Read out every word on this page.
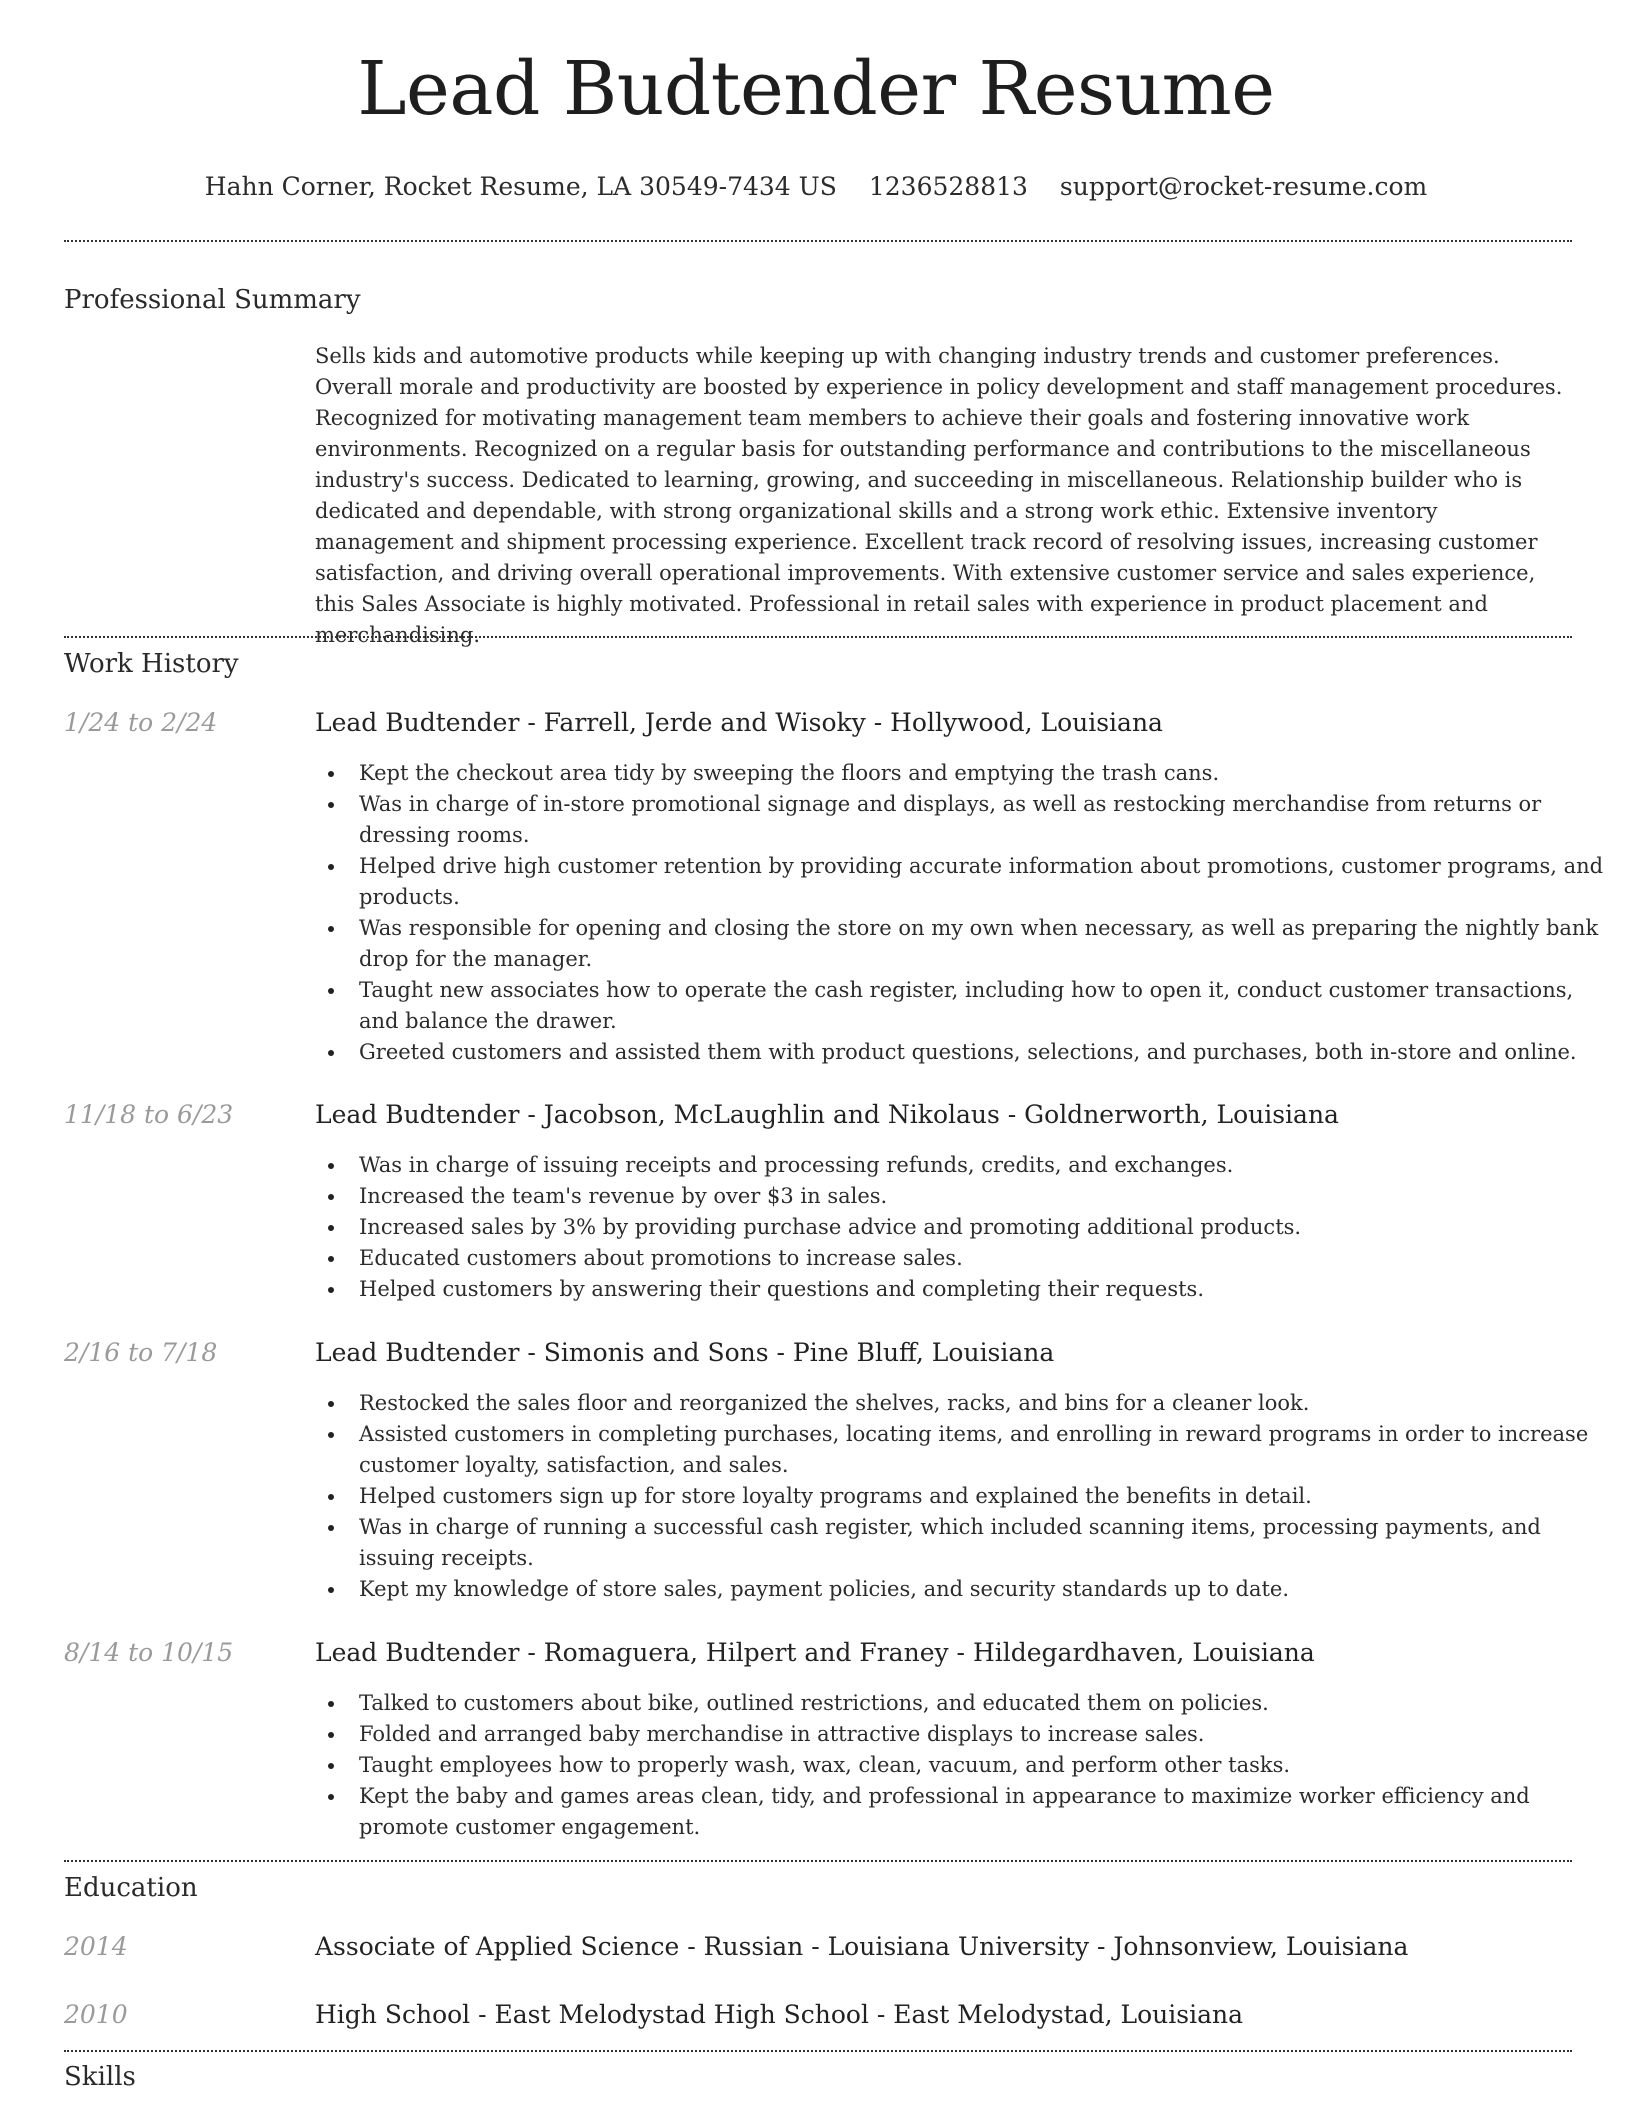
Lead Budtender Resume
Hahn Corner, Rocket Resume, LA 30549-7434 US 1236528813 support@rocket-resume.com
Professional Summary

Sells kids and automotive products while keeping up with changing industry trends and customer preferences. Overall morale and productivity are boosted by experience in policy development and staff management procedures. Recognized for motivating management team members to achieve their goals and fostering innovative work environments. Recognized on a regular basis for outstanding performance and contributions to the miscellaneous industry's success. Dedicated to learning, growing, and succeeding in miscellaneous. Relationship builder who is dedicated and dependable, with strong organizational skills and a strong work ethic. Extensive inventory management and shipment processing experience. Excellent track record of resolving issues, increasing customer satisfaction, and driving overall operational improvements. With extensive customer service and sales experience, this Sales Associate is highly motivated. Professional in retail sales with experience in product placement and merchandising.

Work History
1/24 to 2/24	Lead Budtender - Farrell, Jerde and Wisoky - Hollywood, Louisiana
Kept the checkout area tidy by sweeping the floors and emptying the trash cans.
Was in charge of in-store promotional signage and displays, as well as restocking merchandise from returns or dressing rooms.
Helped drive high customer retention by providing accurate information about promotions, customer programs, and products.
Was responsible for opening and closing the store on my own when necessary, as well as preparing the nightly bank drop for the manager.
Taught new associates how to operate the cash register, including how to open it, conduct customer transactions, and balance the drawer.
Greeted customers and assisted them with product questions, selections, and purchases, both in-store and online.
11/18 to 6/23	Lead Budtender - Jacobson, McLaughlin and Nikolaus - Goldnerworth, Louisiana
Was in charge of issuing receipts and processing refunds, credits, and exchanges.
Increased the team's revenue by over $3 in sales.
Increased sales by 3% by providing purchase advice and promoting additional products.
Educated customers about promotions to increase sales.
Helped customers by answering their questions and completing their requests.
2/16 to 7/18	Lead Budtender - Simonis and Sons - Pine Bluff, Louisiana
Restocked the sales floor and reorganized the shelves, racks, and bins for a cleaner look.
Assisted customers in completing purchases, locating items, and enrolling in reward programs in order to increase customer loyalty, satisfaction, and sales.
Helped customers sign up for store loyalty programs and explained the benefits in detail.
Was in charge of running a successful cash register, which included scanning items, processing payments, and issuing receipts.
Kept my knowledge of store sales, payment policies, and security standards up to date.
8/14 to 10/15	Lead Budtender - Romaguera, Hilpert and Franey - Hildegardhaven, Louisiana
Talked to customers about bike, outlined restrictions, and educated them on policies.
Folded and arranged baby merchandise in attractive displays to increase sales.
Taught employees how to properly wash, wax, clean, vacuum, and perform other tasks.
Kept the baby and games areas clean, tidy, and professional in appearance to maximize worker efficiency and promote customer engagement.
Education
2014	Associate of Applied Science - Russian - Louisiana University - Johnsonview, Louisiana
2010	High School - East Melodystad High School - East Melodystad, Louisiana
Skills
